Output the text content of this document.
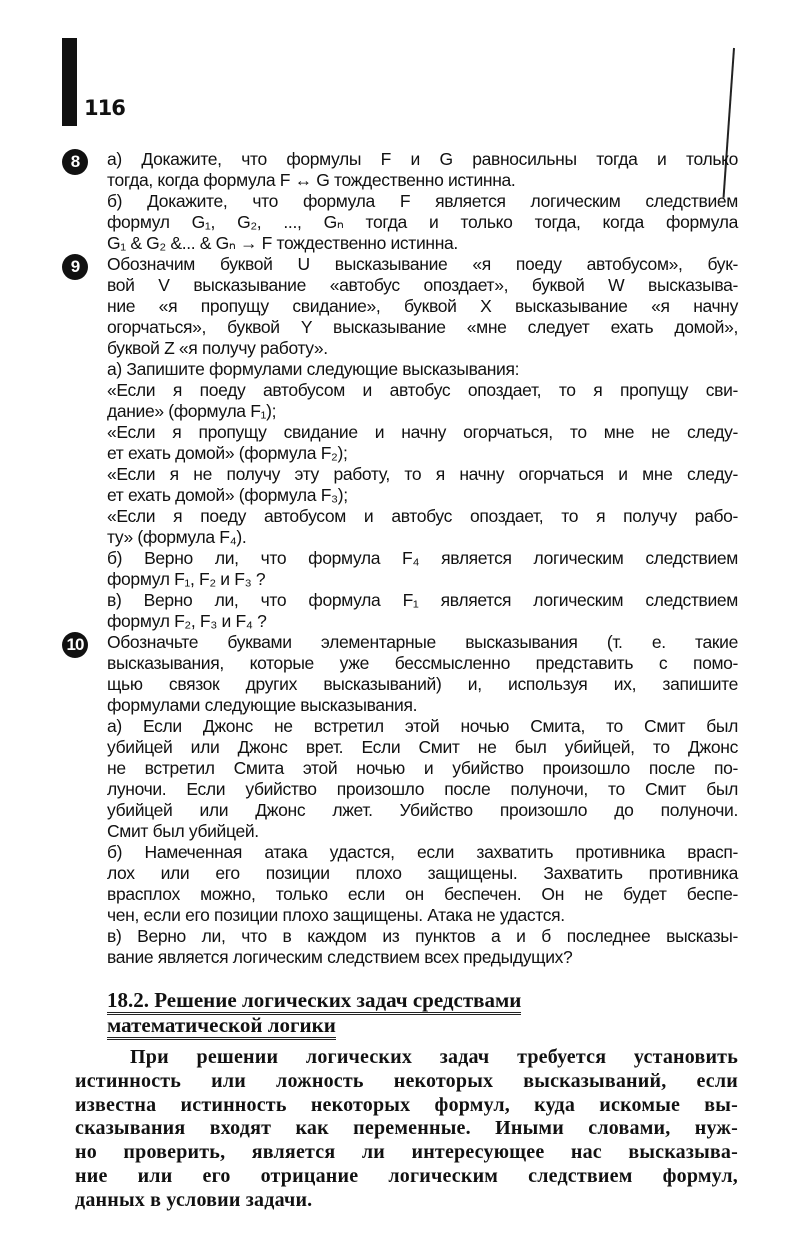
116
8	а) Докажите, что формулы F и G равносильны тогда и только
тогда, когда формула F ↔ G тождественно истинна.
б) Докажите, что формула F является логическим следствием
формул G₁, G₂, ..., Gₙ тогда и только тогда, когда формула
G₁ & G₂ &... & Gₙ → F тождественно истинна.
9	Обозначим буквой U высказывание «я поеду автобусом», бук-
вой V высказывание «автобус опоздает», буквой W высказыва-
ние «я пропущу свидание», буквой X высказывание «я начну
огорчаться», буквой Y высказывание «мне следует ехать домой»,
буквой Z «я получу работу».
а) Запишите формулами следующие высказывания:
«Если я поеду автобусом и автобус опоздает, то я пропущу сви-
дание» (формула F₁);
«Если я пропущу свидание и начну огорчаться, то мне не следу-
ет ехать домой» (формула F₂);
«Если я не получу эту работу, то я начну огорчаться и мне следу-
ет ехать домой» (формула F₃);
«Если я поеду автобусом и автобус опоздает, то я получу рабо-
ту» (формула F₄).
б) Верно ли, что формула F₄ является логическим следствием
формул F₁, F₂ и F₃ ?
в) Верно ли, что формула F₁ является логическим следствием
формул F₂, F₃ и F₄ ?
10 Обозначьте буквами элементарные высказывания (т. е. такие
высказывания, которые уже бессмысленно представить с помо-
щью связок других высказываний) и, используя их, запишите
формулами следующие высказывания.
а) Если Джонс не встретил этой ночью Смита, то Смит был
убийцей или Джонс врет. Если Смит не был убийцей, то Джонс
не встретил Смита этой ночью и убийство произошло после по-
луночи. Если убийство произошло после полуночи, то Смит был
убийцей или Джонс лжет. Убийство произошло до полуночи.
Смит был убийцей.
б) Намеченная атака удастся, если захватить противника врасп-
лох или его позиции плохо защищены. Захватить противника
врасплох можно, только если он беспечен. Он не будет беспе-
чен, если его позиции плохо защищены. Атака не удастся.
в) Верно ли, что в каждом из пунктов а и б последнее высказы-
вание является логическим следствием всех предыдущих?
18.2. Решение логических задач средствами
математической логики
При решении логических задач требуется установить
истинность или ложность некоторых высказываний, если
известна истинность некоторых формул, куда искомые вы-
сказывания входят как переменные. Иными словами, нуж-
но проверить, является ли интересующее нас высказыва-
ние или его отрицание логическим следствием формул,
данных в условии задачи.
